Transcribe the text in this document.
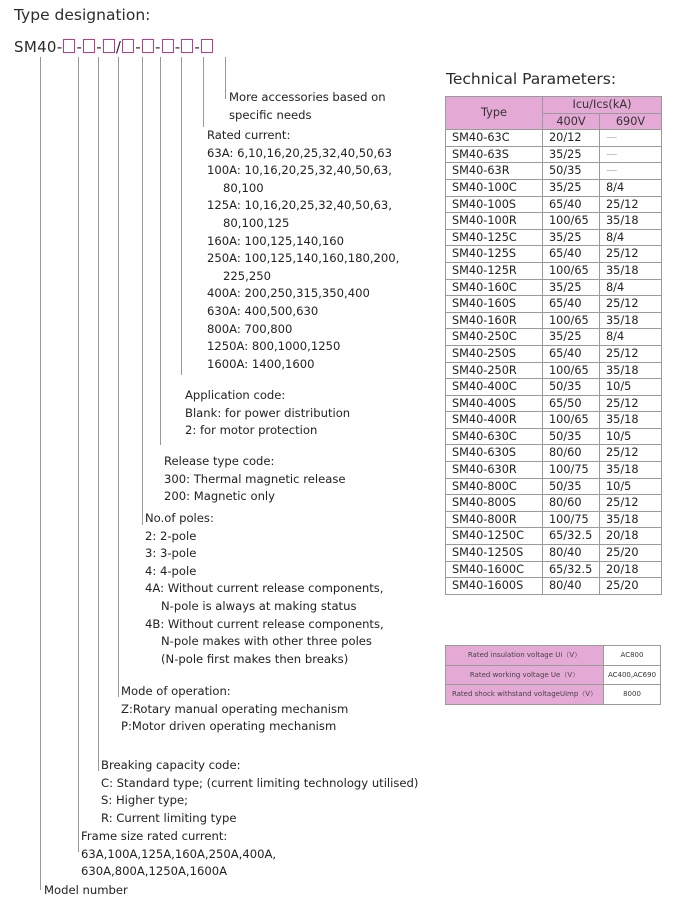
Type designation:
SM40- - - / - - - -
More accessories based on
specific needs
Rated current:
63A: 6,10,16,20,25,32,40,50,63
100A: 10,16,20,25,32,40,50,63,
80,100
125A: 10,16,20,25,32,40,50,63,
80,100,125
160A: 100,125,140,160
250A: 100,125,140,160,180,200,
225,250
400A: 200,250,315,350,400
630A: 400,500,630
800A: 700,800
1250A: 800,1000,1250
1600A: 1400,1600
Application code:
Blank: for power distribution
2: for motor protection
Release type code:
300: Thermal magnetic release
200: Magnetic only
No.of poles:
2: 2-pole
3: 3-pole
4: 4-pole
4A: Without current release components,
N-pole is always at making status
4B: Without current release components,
N-pole makes with other three poles
(N-pole first makes then breaks)
Mode of operation:
Z:Rotary manual operating mechanism
P:Motor driven operating mechanism
Breaking capacity code:
C: Standard type; (current limiting technology utilised)
S: Higher type;
R: Current limiting type
Frame size rated current:
63A,100A,125A,160A,250A,400A,
630A,800A,1250A,1600A
Model number
Technical Parameters:
Type	Icu/Ics(kA)	
	400V	690V
SM40-63C	20/12	—
SM40-63S	35/25	—
SM40-63R	50/35	—
SM40-100C	35/25	8/4
SM40-100S	65/40	25/12
SM40-100R	100/65	35/18
SM40-125C	35/25	8/4
SM40-125S	65/40	25/12
SM40-125R	100/65	35/18
SM40-160C	35/25	8/4
SM40-160S	65/40	25/12
SM40-160R	100/65	35/18
SM40-250C	35/25	8/4
SM40-250S	65/40	25/12
SM40-250R	100/65	35/18
SM40-400C	50/35	10/5
SM40-400S	65/50	25/12
SM40-400R	100/65	35/18
SM40-630C	50/35	10/5
SM40-630S	80/60	25/12
SM40-630R	100/75	35/18
SM40-800C	50/35	10/5
SM40-800S	80/60	25/12
SM40-800R	100/75	35/18
SM40-1250C	65/32.5	20/18
SM40-1250S	80/40	25/20
SM40-1600C	65/32.5	20/18
SM40-1600S	80/40	25/20
Rated insulation voltage Ui（V）	AC800
Rated working voltage Ue（V）	AC400,AC690
Rated shock withstand voltageUimp（V）	8000
